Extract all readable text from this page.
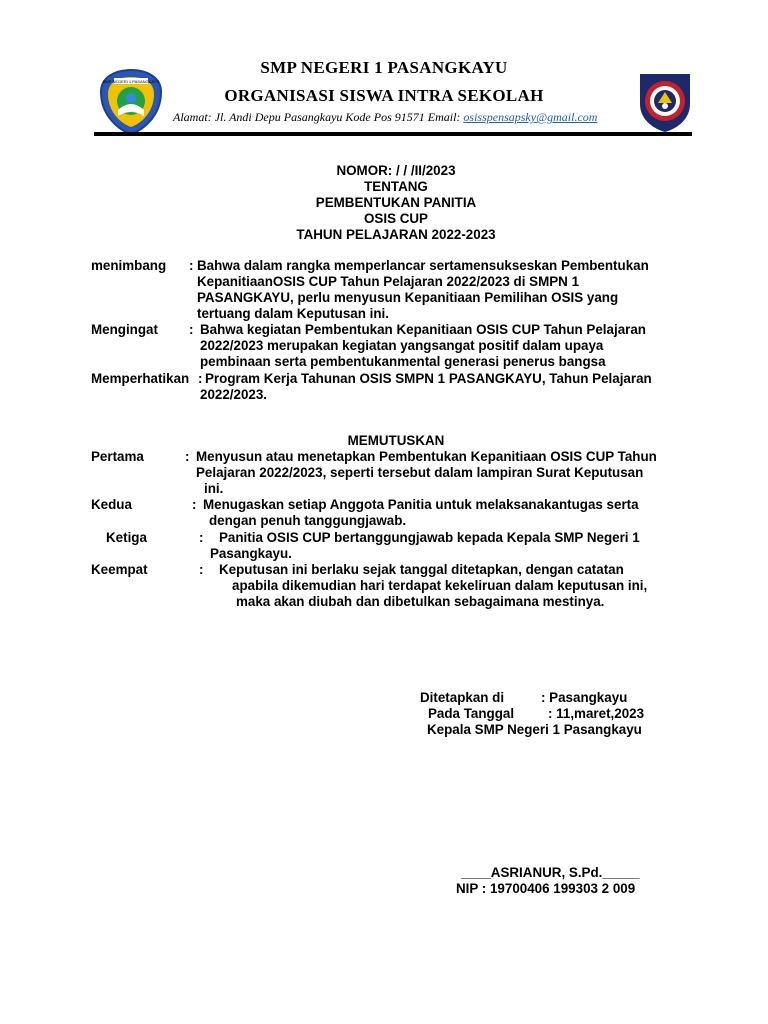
SMP NEGERI 1 PASANGKAYU
SMP NEGERI 1 PASANGKAYU
ORGANISASI SISWA INTRA SEKOLAH
Alamat: Jl. Andi Depu Pasangkayu Kode Pos 91571 Email: osisspensapsky@gmail.com
NOMOR: / / /II/2023
TENTANG
PEMBENTUKAN PANITIA
OSIS CUP
TAHUN PELAJARAN 2022-2023
menimbang : Bahwa dalam rangka memperlancar sertamensukseskan Pembentukan
KepanitiaanOSIS CUP Tahun Pelajaran 2022/2023 di SMPN 1
PASANGKAYU, perlu menyusun Kepanitiaan Pemilihan OSIS yang
tertuang dalam Keputusan ini.
Mengingat : Bahwa kegiatan Pembentukan Kepanitiaan OSIS CUP Tahun Pelajaran
2022/2023 merupakan kegiatan yangsangat positif dalam upaya
pembinaan serta pembentukanmental generasi penerus bangsa
Memperhatikan : Program Kerja Tahunan OSIS SMPN 1 PASANGKAYU, Tahun Pelajaran
2022/2023.
MEMUTUSKAN
Pertama	: Menyusun atau menetapkan Pembentukan Kepanitiaan OSIS CUP Tahun
Pelajaran 2022/2023, seperti tersebut dalam lampiran Surat Keputusan
ini.
Kedua	: Menugaskan setiap Anggota Panitia untuk melaksanakantugas serta
dengan penuh tanggungjawab.
Ketiga	: Panitia OSIS CUP bertanggungjawab kepada Kepala SMP Negeri 1
Pasangkayu.
Keempat	: Keputusan ini berlaku sejak tanggal ditetapkan, dengan catatan
apabila dikemudian hari terdapat kekeliruan dalam keputusan ini,
maka akan diubah dan dibetulkan sebagaimana mestinya.
Ditetapkan di	: Pasangkayu
Pada Tanggal	: 11,maret,2023
Kepala SMP Negeri 1 Pasangkayu
____ASRIANUR, S.Pd._____
NIP : 19700406 199303 2 009
